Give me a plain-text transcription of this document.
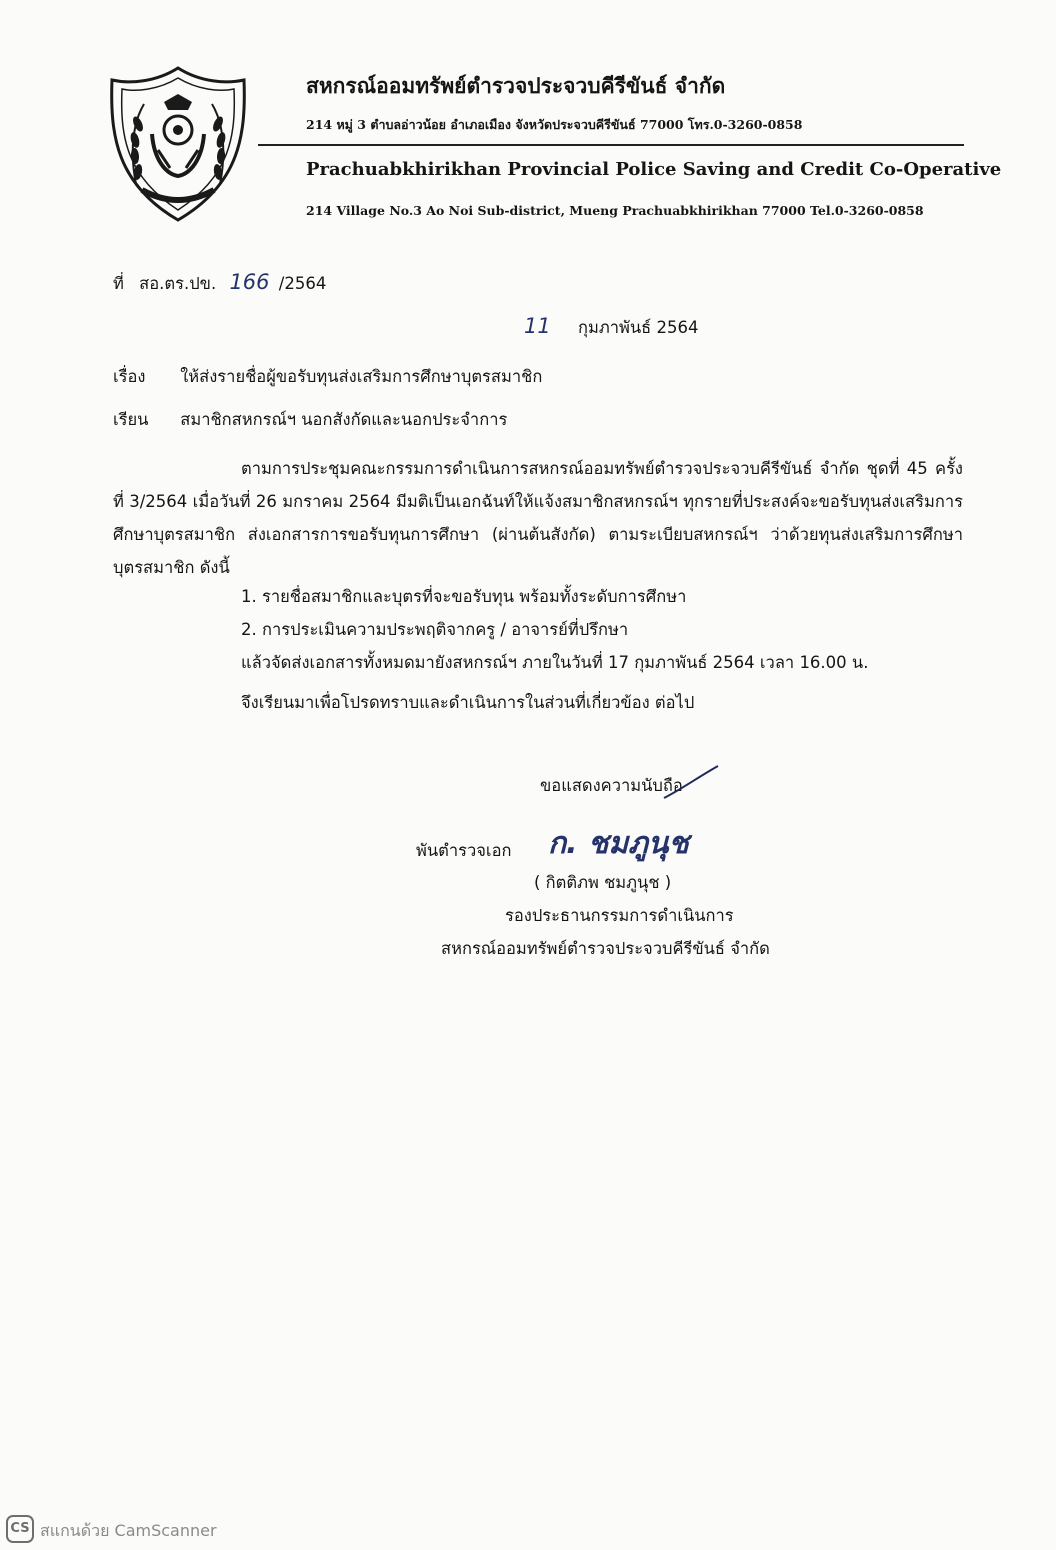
สหกรณ์ออมทรัพย์ตำรวจประจวบคีรีขันธ์ จำกัด
214 หมู่ 3 ตำบลอ่าวน้อย อำเภอเมือง จังหวัดประจวบคีรีขันธ์ 77000 โทร.0-3260-0858
Prachuabkhirikhan Provincial Police Saving and Credit Co-Operative
214 Village No.3 Ao Noi Sub-district, Mueng Prachuabkhirikhan 77000 Tel.0-3260-0858
ที่ สอ.ตร.ปข. 166 /2564
11 กุมภาพันธ์ 2564
เรื่อง ให้ส่งรายชื่อผู้ขอรับทุนส่งเสริมการศึกษาบุตรสมาชิก
เรียน สมาชิกสหกรณ์ฯ นอกสังกัดและนอกประจำการ
ตามการประชุมคณะกรรมการดำเนินการสหกรณ์ออมทรัพย์ตำรวจประจวบคีรีขันธ์ จำกัด ชุดที่ 45 ครั้งที่ 3/2564 เมื่อวันที่ 26 มกราคม 2564 มีมติเป็นเอกฉันท์ให้แจ้งสมาชิกสหกรณ์ฯ ทุกรายที่ประสงค์จะขอรับทุนส่งเสริมการศึกษาบุตรสมาชิก ส่งเอกสารการขอรับทุนการศึกษา (ผ่านต้นสังกัด) ตามระเบียบสหกรณ์ฯ ว่าด้วยทุนส่งเสริมการศึกษาบุตรสมาชิก ดังนี้
1. รายชื่อสมาชิกและบุตรที่จะขอรับทุน พร้อมทั้งระดับการศึกษา
2. การประเมินความประพฤติจากครู / อาจารย์ที่ปรึกษา
แล้วจัดส่งเอกสารทั้งหมดมายังสหกรณ์ฯ ภายในวันที่ 17 กุมภาพันธ์ 2564 เวลา 16.00 น.
จึงเรียนมาเพื่อโปรดทราบและดำเนินการในส่วนที่เกี่ยวข้อง ต่อไป
ขอแสดงความนับถือ
พันตำรวจเอก ก. ชมภูนุช
( กิตติภพ ชมภูนุช )
รองประธานกรรมการดำเนินการ
สหกรณ์ออมทรัพย์ตำรวจประจวบคีรีขันธ์ จำกัด
CS สแกนด้วย CamScanner
